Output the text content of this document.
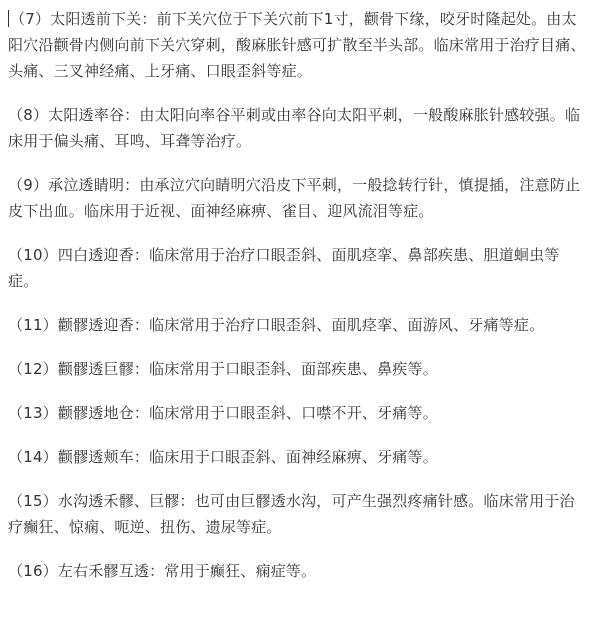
（7）太阳透前下关：前下关穴位于下关穴前下1寸，颧骨下缘，咬牙时隆起处。由太阳穴沿颧骨内侧向前下关穴穿刺，酸麻胀针感可扩散至半头部。临床常用于治疗目痛、头痛、三叉神经痛、上牙痛、口眼歪斜等症。

（8）太阳透率谷：由太阳向率谷平刺或由率谷向太阳平刺，一般酸麻胀针感较强。临床用于偏头痛、耳鸣、耳聋等治疗。

（9）承泣透睛明：由承泣穴向睛明穴沿皮下平刺，一般捻转行针，慎提插，注意防止皮下出血。临床用于近视、面神经麻痹、雀目、迎风流泪等症。

（10）四白透迎香：临床常用于治疗口眼歪斜、面肌痉挛、鼻部疾患、胆道蛔虫等症。

（11）颧髎透迎香：临床常用于治疗口眼歪斜、面肌痉挛、面游风、牙痛等症。

（12）颧髎透巨髎：临床常用于口眼歪斜、面部疾患、鼻疾等。

（13）颧髎透地仓：临床常用于口眼歪斜、口噤不开、牙痛等。

（14）颧髎透颊车：临床用于口眼歪斜、面神经麻痹、牙痛等。

（15）水沟透禾髎、巨髎：也可由巨髎透水沟，可产生强烈疼痛针感。临床常用于治疗癫狂、惊痫、呃逆、扭伤、遗尿等症。

（16）左右禾髎互透：常用于癫狂、痫症等。
